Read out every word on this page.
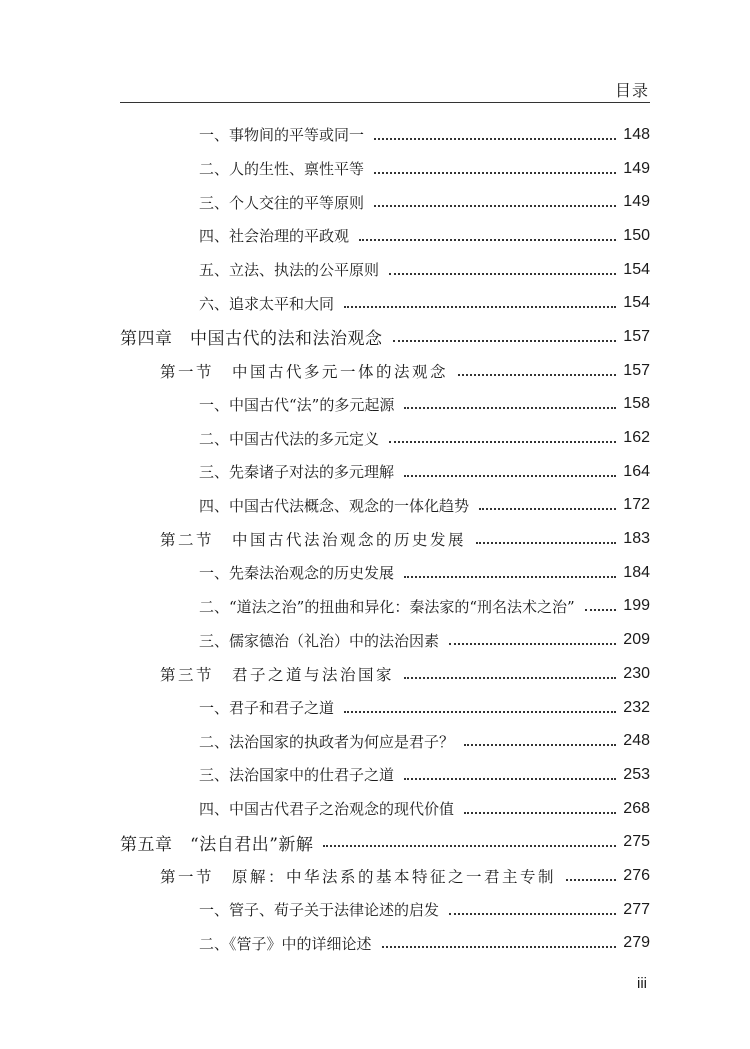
目录
一、事物间的平等或同一	148
二、人的生性、禀性平等	149
三、个人交往的平等原则	149
四、社会治理的平政观	150
五、立法、执法的公平原则	154
六、追求太平和大同	154
第四章　中国古代的法和法治观念	157
第一节　中国古代多元一体的法观念	157
一、中国古代“法”的多元起源	158
二、中国古代法的多元定义	162
三、先秦诸子对法的多元理解	164
四、中国古代法概念、观念的一体化趋势	172
第二节　中国古代法治观念的历史发展	183
一、先秦法治观念的历史发展	184
二、“道法之治”的扭曲和异化：秦法家的“刑名法术之治”	199
三、儒家德治（礼治）中的法治因素	209
第三节　君子之道与法治国家	230
一、君子和君子之道	232
二、法治国家的执政者为何应是君子？	248
三、法治国家中的仕君子之道	253
四、中国古代君子之治观念的现代价值	268
第五章　“法自君出”新解	275
第一节　原解：中华法系的基本特征之一君主专制	276
一、管子、荀子关于法律论述的启发	277
二、《管子》中的详细论述	279
iii
